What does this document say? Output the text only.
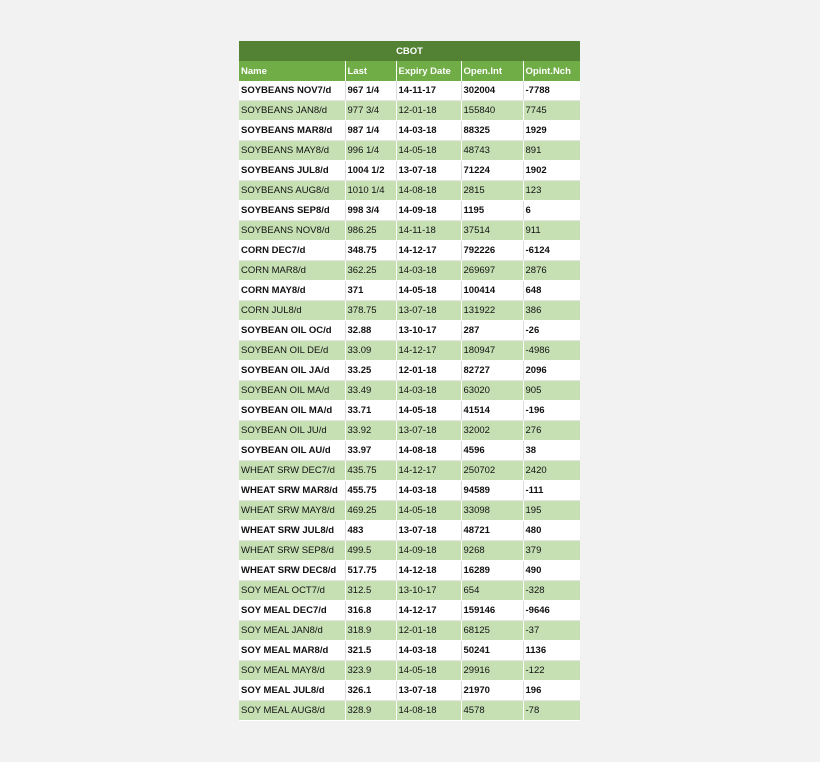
CBOT				
Name	Last	Expiry Date	Open.Int	Opint.Nch
SOYBEANS NOV7/d	967 1/4	14-11-17	302004	-7788
SOYBEANS JAN8/d	977 3/4	12-01-18	155840	7745
SOYBEANS MAR8/d	987 1/4	14-03-18	88325	1929
SOYBEANS MAY8/d	996 1/4	14-05-18	48743	891
SOYBEANS JUL8/d	1004 1/2	13-07-18	71224	1902
SOYBEANS AUG8/d	1010 1/4	14-08-18	2815	123
SOYBEANS SEP8/d	998 3/4	14-09-18	1195	6
SOYBEANS NOV8/d	986.25	14-11-18	37514	911
CORN DEC7/d	348.75	14-12-17	792226	-6124
CORN MAR8/d	362.25	14-03-18	269697	2876
CORN MAY8/d	371	14-05-18	100414	648
CORN JUL8/d	378.75	13-07-18	131922	386
SOYBEAN OIL OC/d	32.88	13-10-17	287	-26
SOYBEAN OIL DE/d	33.09	14-12-17	180947	-4986
SOYBEAN OIL JA/d	33.25	12-01-18	82727	2096
SOYBEAN OIL MA/d	33.49	14-03-18	63020	905
SOYBEAN OIL MA/d	33.71	14-05-18	41514	-196
SOYBEAN OIL JU/d	33.92	13-07-18	32002	276
SOYBEAN OIL AU/d	33.97	14-08-18	4596	38
WHEAT SRW DEC7/d	435.75	14-12-17	250702	2420
WHEAT SRW MAR8/d	455.75	14-03-18	94589	-111
WHEAT SRW MAY8/d	469.25	14-05-18	33098	195
WHEAT SRW JUL8/d	483	13-07-18	48721	480
WHEAT SRW SEP8/d	499.5	14-09-18	9268	379
WHEAT SRW DEC8/d	517.75	14-12-18	16289	490
SOY MEAL OCT7/d	312.5	13-10-17	654	-328
SOY MEAL DEC7/d	316.8	14-12-17	159146	-9646
SOY MEAL JAN8/d	318.9	12-01-18	68125	-37
SOY MEAL MAR8/d	321.5	14-03-18	50241	1136
SOY MEAL MAY8/d	323.9	14-05-18	29916	-122
SOY MEAL JUL8/d	326.1	13-07-18	21970	196
SOY MEAL AUG8/d	328.9	14-08-18	4578	-78
